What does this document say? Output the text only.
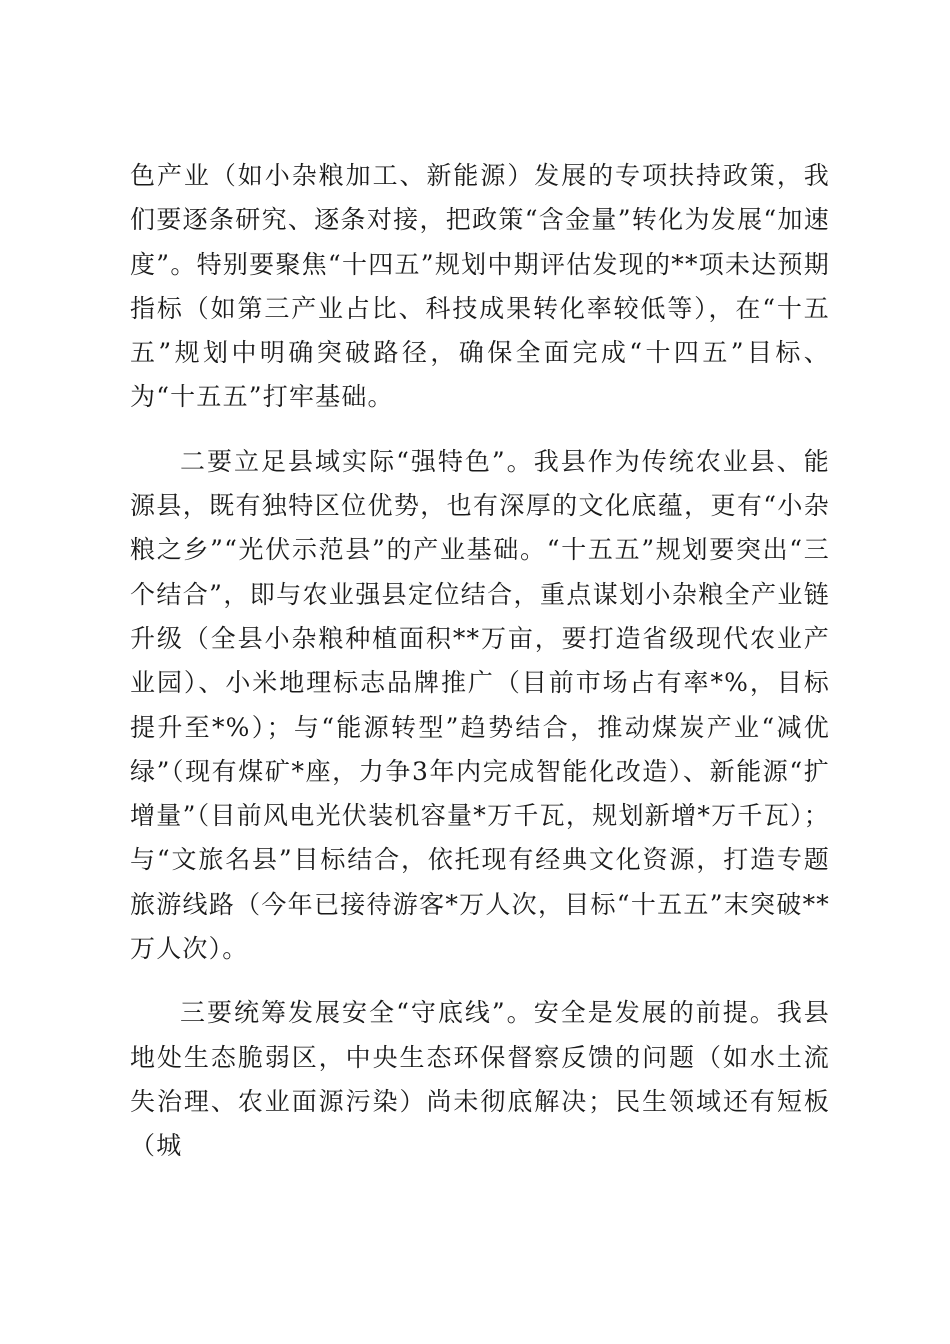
色产业（如小杂粮加工、新能源）发展的专项扶持政策，我们要逐条研究、逐条对接，把政策“含金量”转化为发展“加速度”。特别要聚焦“十四五”规划中期评估发现的**项未达预期指标（如第三产业占比、科技成果转化率较低等），在“十五五”规划中明确突破路径，确保全面完成“十四五”目标、为“十五五”打牢基础。

二要立足县域实际“强特色”。我县作为传统农业县、能源县，既有独特区位优势，也有深厚的文化底蕴，更有“小杂粮之乡”“光伏示范县”的产业基础。“十五五”规划要突出“三个结合”，即与农业强县定位结合，重点谋划小杂粮全产业链升级（全县小杂粮种植面积**万亩，要打造省级现代农业产业园）、小米地理标志品牌推广（目前市场占有率*%，目标提升至*%）；与“能源转型”趋势结合，推动煤炭产业“减优绿”（现有煤矿*座，力争3年内完成智能化改造）、新能源“扩增量”（目前风电光伏装机容量*万千瓦，规划新增*万千瓦）；与“文旅名县”目标结合，依托现有经典文化资源，打造专题旅游线路（今年已接待游客*万人次，目标“十五五”末突破**万人次）。

三要统筹发展安全“守底线”。安全是发展的前提。我县地处生态脆弱区，中央生态环保督察反馈的问题（如水土流失治理、农业面源污染）尚未彻底解决；民生领域还有短板（城
